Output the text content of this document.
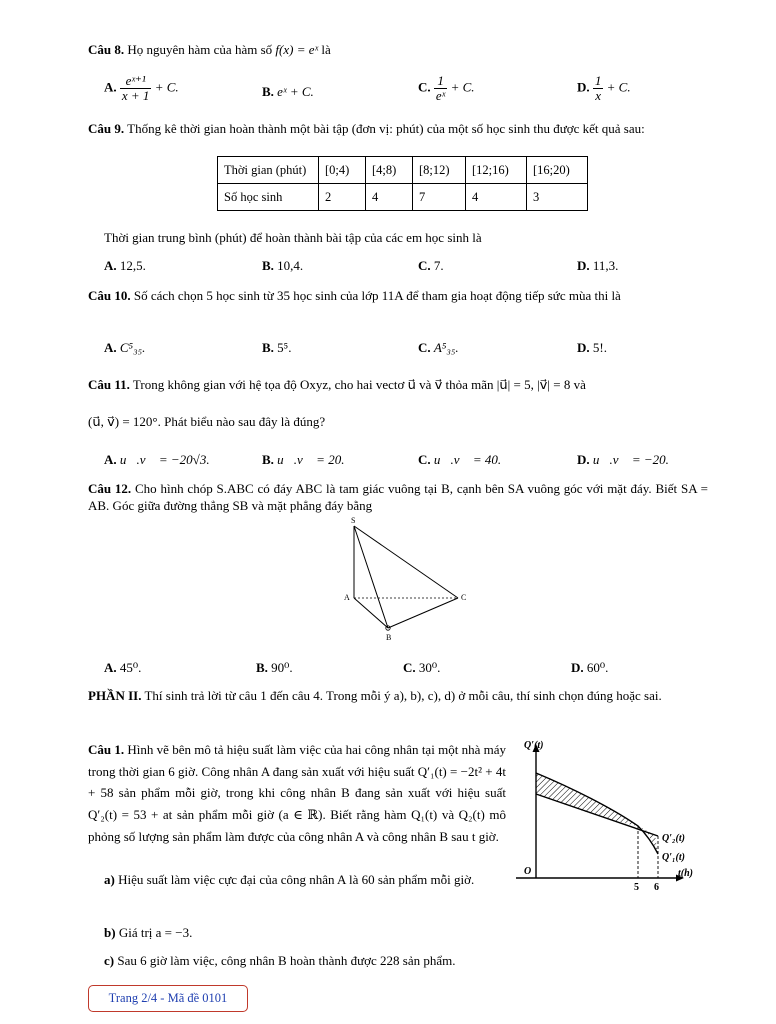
Câu 8. Họ nguyên hàm của hàm số f(x) = eˣ là
A. $\frac{\text{eˣ⁺¹}}{x + 1} + C$.	B. eˣ + C.	C. $\frac{1}{\text{eˣ}} + C$.	D. $\frac{1}{x} + C$.
Câu 9. Thống kê thời gian hoàn thành một bài tập (đơn vị: phút) của một số học sinh thu được kết quả sau:
Thời gian (phút)	[0;4)	[4;8)	[8;12)	[12;16)	[16;20)
Số học sinh	2	4	7	4	3
Thời gian trung bình (phút) để hoàn thành bài tập của các em học sinh là
A. 12,5.	B. 10,4.	C. 7.	D. 11,3.
Câu 10. Số cách chọn 5 học sinh từ 35 học sinh của lớp 11A để tham gia hoạt động tiếp sức mùa thi là
A. C⁵₃₅.	B. 5⁵.	C. A⁵₃₅.	D. 5!.
Câu 11. Trong không gian với hệ tọa độ Oxyz, cho hai vectơ u⃗ và v⃗ thỏa mãn |u⃗| = 5, |v⃗| = 8 và
(u⃗, v⃗) = 120°. Phát biểu nào sau đây là đúng?
A. u⃗.v⃗ = −20√3.	B. u⃗.v⃗ = 20.	C. u⃗.v⃗ = 40.	D. u⃗.v⃗ = −20.
Câu 12. Cho hình chóp S.ABC có đáy ABC là tam giác vuông tại B, cạnh bên SA vuông góc với mặt đáy. Biết SA = AB. Góc giữa đường thẳng SB và mặt phẳng đáy bằng
S
A
B
C
A. 45⁰.	B. 90⁰.	C. 30⁰.	D. 60⁰.
PHẦN II. Thí sinh trả lời từ câu 1 đến câu 4. Trong mỗi ý a), b), c), d) ở mỗi câu, thí sinh chọn đúng hoặc sai.
Câu 1. Hình vẽ bên mô tả hiệu suất làm việc của hai công nhân tại một nhà máy trong thời gian 6 giờ. Công nhân A đang sản xuất với hiệu suất Q′₁(t) = −2t² + 4t + 58 sản phẩm mỗi giờ, trong khi công nhân B đang sản xuất với hiệu suất Q′₂(t) = 53 + at sản phẩm mỗi giờ (a ∈ ℝ). Biết rằng hàm Q₁(t) và Q₂(t) mô phỏng số lượng sản phẩm làm được của công nhân A và công nhân B sau t giờ.
a) Hiệu suất làm việc cực đại của công nhân A là 60 sản phẩm mỗi giờ.
b) Giá trị a = −3.
c) Sau 6 giờ làm việc, công nhân B hoàn thành được 228 sản phẩm.
Q′(t)
t(h)
O
5 6
Q′₂(t)
Q′₁(t)
Trang 2/4 - Mã đề 0101
